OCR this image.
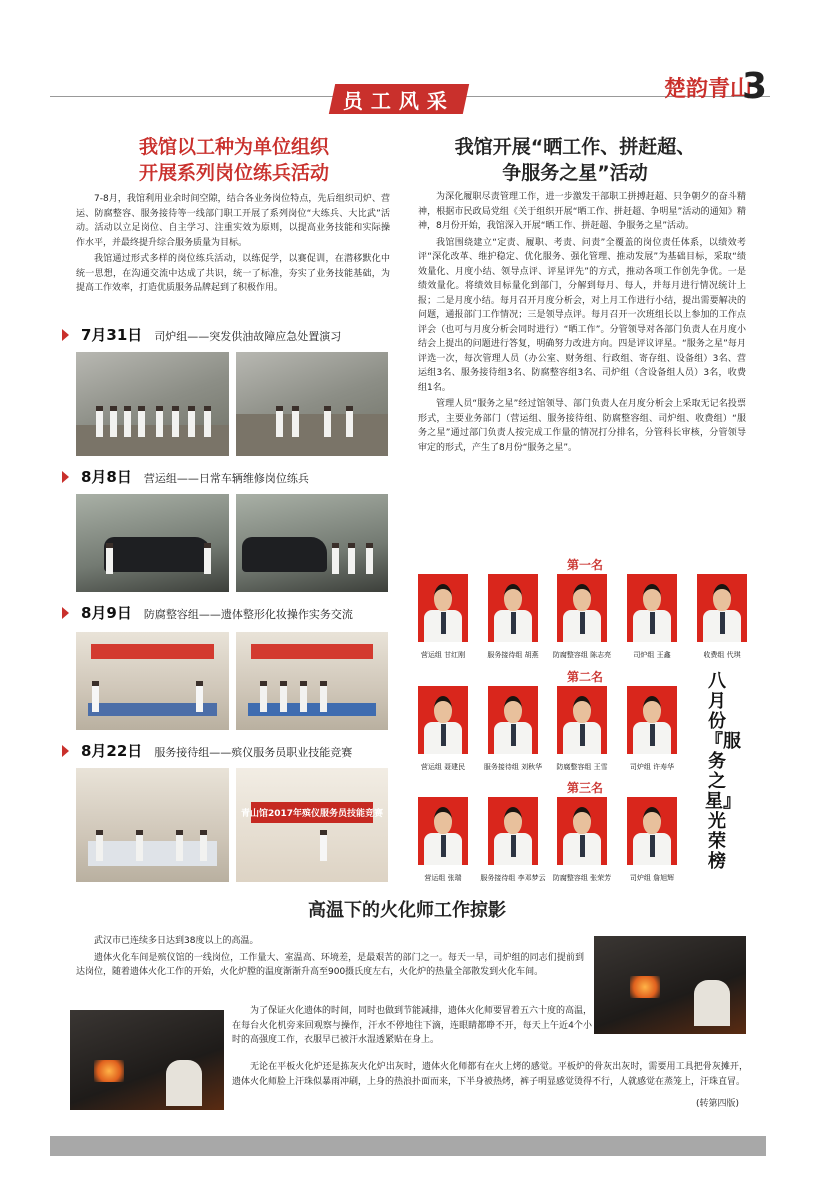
员工风采	楚韵青山
3
我馆以工种为单位组织
开展系列岗位练兵活动

7-8月，我馆利用业余时间空隙，结合各业务岗位特点，先后组织司炉、营运、防腐整容、服务接待等一线部门职工开展了系列岗位“大练兵、大比武”活动。活动以立足岗位、自主学习、注重实效为原则，以提高业务技能和实际操作水平，并最终提升综合服务质量为目标。

我馆通过形式多样的岗位练兵活动，以练促学，以赛促训，在潜移默化中统一思想，在沟通交流中达成了共识，统一了标准，夯实了业务技能基础，为提高工作效率，打造优质服务品牌起到了积极作用。

7月31日 司炉组——突发供油故障应急处置演习
8月8日 营运组——日常车辆维修岗位练兵
8月9日 防腐整容组——遗体整形化妆操作实务交流
8月22日 服务接待组——殡仪服务员职业技能竞赛
青山馆2017年殡仪服务员技能竞赛
我馆开展“晒工作、拼赶超、
争服务之星”活动

为深化履职尽责管理工作，进一步激发干部职工拼搏赶超、只争朝夕的奋斗精神，根据市民政局党组《关于组织开展“晒工作、拼赶超、争明星”活动的通知》精神，8月份开始，我馆深入开展“晒工作、拼赶超、争服务之星”活动。

我馆围绕建立“定责、履职、考责、问责”全覆盖的岗位责任体系，以绩效考评“深化改革、维护稳定、优化服务、强化管理、推动发展”为基础目标，采取“绩效量化、月度小结、领导点评、评星评先”的方式，推动各项工作创先争优。一是绩效量化。将绩效目标量化到部门，分解到每月、每人，并每月进行情况统计上报；二是月度小结。每月召开月度分析会，对上月工作进行小结，提出需要解决的问题，通报部门工作情况；三是领导点评。每月召开一次班组长以上参加的工作点评会（也可与月度分析会同时进行）“晒工作”。分管领导对各部门负责人在月度小结会上提出的问题进行答复，明确努力改进方向。四是评议评星。“服务之星”每月评选一次，每次管理人员（办公室、财务组、行政组、寄存组、设备组）3名、营运组3名、服务接待组3名、防腐整容组3名、司炉组（含设备组人员）3名，收费组1名。

管理人员“服务之星”经过馆领导、部门负责人在月度分析会上采取无记名投票形式，主要业务部门（营运组、服务接待组、防腐整容组、司炉组、收费组）“服务之星”通过部门负责人按完成工作量的情况打分排名，分管科长审核，分管领导审定的形式，产生了8月份“服务之星”。

第一名
营运组 甘红刚	服务接待组 胡燕	防腐整容组 陈志亮	司炉组 王鑫	收费组 代琪
第二名
营运组 聂建民	服务接待组 刘秋华	防腐整容组 王雪	司炉组 许寿华
第三名
营运组 张瑞	服务接待组 李邓梦云	防腐整容组 张荣芳	司炉组 詹旭辉
八月份『服务之星』光荣榜
高温下的火化师工作掠影

武汉市已连续多日达到38度以上的高温。

遗体火化车间是殡仪馆的一线岗位，工作量大、室温高、环境差，是最艰苦的部门之一。每天一早，司炉组的同志们提前到达岗位，随着遗体火化工作的开始，火化炉膛的温度渐渐升高至900摄氏度左右，火化炉的热量全部散发到火化车间。

为了保证火化遗体的时间，同时也做到节能减排，遗体火化师要冒着五六十度的高温，在每台火化机旁来回观察与操作，汗水不停地往下滴，连眼睛都睁不开，每天上午近4个小时的高强度工作，衣服早已被汗水湿透紧贴在身上。

无论在平板火化炉还是拣灰火化炉出灰时，遗体火化师都有在火上烤的感觉。平板炉的骨灰出灰时，需要用工具把骨灰摊开，遗体火化师脸上汗珠似暴雨冲刷，上身的热浪扑面而来，下半身被热烤，裤子明显感觉烫得不行，人就感觉在蒸笼上，汗珠直冒。

(转第四版)
